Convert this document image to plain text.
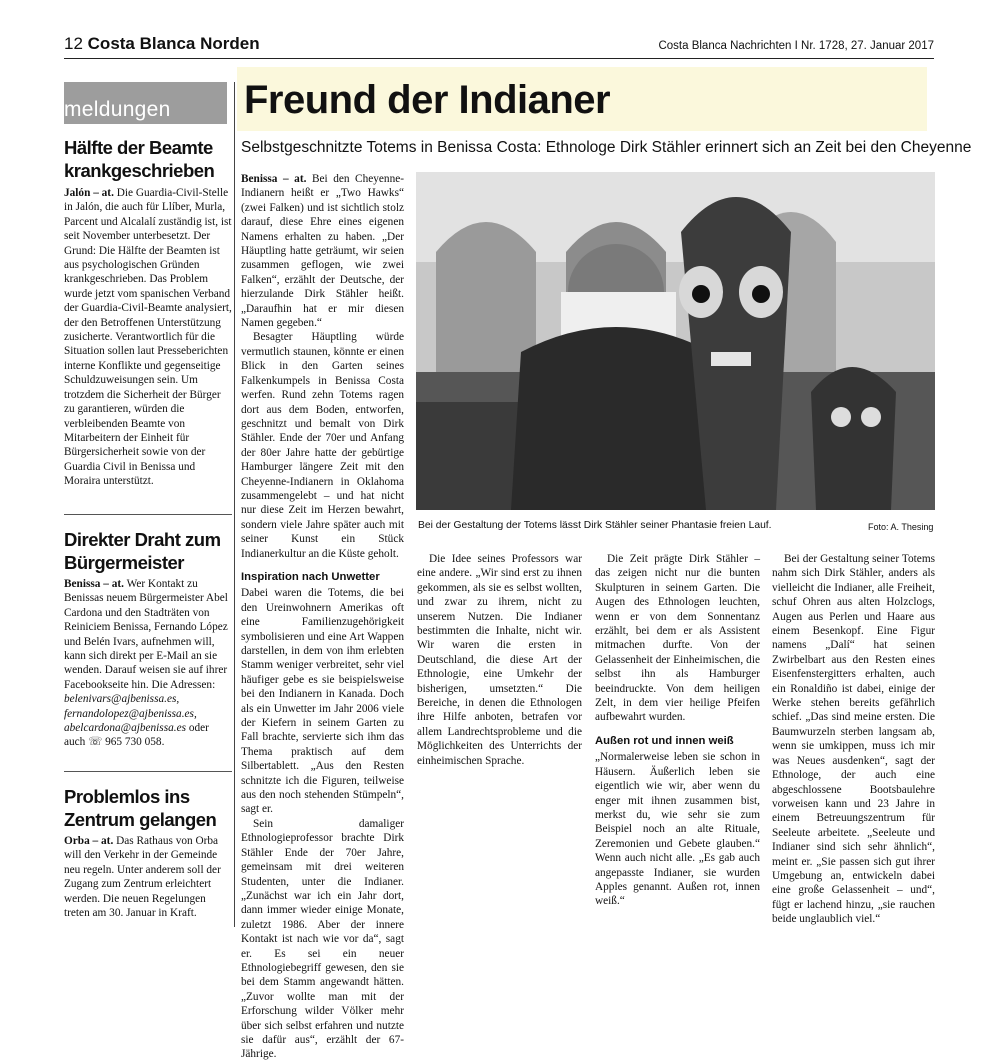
12 Costa Blanca Norden	Costa Blanca Nachrichten I Nr. 1728, 27. Januar 2017
meldungen
Hälfte der Beamte krankgeschrieben
Jalón – at. Die Guardia-Civil-Stelle in Jalón, die auch für Llíber, Murla, Parcent und Alcalalí zuständig ist, ist seit November unterbesetzt. Der Grund: Die Hälfte der Beamten ist aus psychologischen Gründen krankgeschrieben. Das Problem wurde jetzt vom spanischen Verband der Guardia-Civil-Beamte analysiert, der den Betroffenen Unterstützung zusicherte. Verantwortlich für die Situation sollen laut Presseberichten interne Konflikte und gegenseitige Schuldzuweisungen sein. Um trotzdem die Sicherheit der Bürger zu garantieren, würden die verbleibenden Beamte von Mitarbeitern der Einheit für Bürgersicherheit sowie von der Guardia Civil in Benissa und Moraira unterstützt.
Direkter Draht zum Bürgermeister
Benissa – at. Wer Kontakt zu Benissas neuem Bürgermeister Abel Cardona und den Stadträten von Reiniciem Benissa, Fernando López und Belén Ivars, aufnehmen will, kann sich direkt per E-Mail an sie wenden. Darauf weisen sie auf ihrer Facebookseite hin. Die Adressen: belenivars@ajbenissa.es, fernandolopez@ajbenissa.es, abelcardona@ajbenissa.es oder auch ☏ 965 730 058.
Problemlos ins Zentrum gelangen
Orba – at. Das Rathaus von Orba will den Verkehr in der Gemeinde neu regeln. Unter anderem soll der Zugang zum Zentrum erleichtert werden. Die neuen Regelungen treten am 30. Januar in Kraft.
Freund der Indianer
Selbstgeschnitzte Totems in Benissa Costa: Ethnologe Dirk Stähler erinnert sich an Zeit bei den Cheyenne
Bei der Gestaltung der Totems lässt Dirk Stähler seiner Phantasie freien Lauf.	Foto: A. Thesing

Benissa – at. Bei den Cheyenne-Indianern heißt er „Two Hawks“ (zwei Falken) und ist sichtlich stolz darauf, diese Ehre eines eigenen Namens erhalten zu haben. „Der Häuptling hatte geträumt, wir seien zusammen geflogen, wie zwei Falken“, erzählt der Deutsche, der hierzulande Dirk Stähler heißt. „Daraufhin hat er mir diesen Namen gegeben.“

Besagter Häuptling würde vermutlich staunen, könnte er einen Blick in den Garten seines Falkenkumpels in Benissa Costa werfen. Rund zehn Totems ragen dort aus dem Boden, entworfen, geschnitzt und bemalt von Dirk Stähler. Ende der 70er und Anfang der 80er Jahre hatte der gebürtige Hamburger längere Zeit mit den Cheyenne-Indianern in Oklahoma zusammengelebt – und hat nicht nur diese Zeit im Herzen bewahrt, sondern viele Jahre später auch mit seiner Kunst ein Stück Indianerkultur an die Küste geholt.

Inspiration nach Unwetter

Dabei waren die Totems, die bei den Ureinwohnern Amerikas oft eine Familienzugehörigkeit symbolisieren und eine Art Wappen darstellen, in dem von ihm erlebten Stamm weniger verbreitet, sehr viel häufiger gebe es sie beispielsweise bei den Indianern in Kanada. Doch als ein Unwetter im Jahr 2006 viele der Kiefern in seinem Garten zu Fall brachte, servierte sich ihm das Thema praktisch auf dem Silbertablett. „Aus den Resten schnitzte ich die Figuren, teilweise aus den noch stehenden Stümpeln“, sagt er.

Sein damaliger Ethnologieprofessor brachte Dirk Stähler Ende der 70er Jahre, gemeinsam mit drei weiteren Studenten, unter die Indianer. „Zunächst war ich ein Jahr dort, dann immer wieder einige Monate, zuletzt 1986. Aber der innere Kontakt ist nach wie vor da“, sagt er. Es sei ein neuer Ethnologiebegriff gewesen, den sie bei dem Stamm angewandt hätten. „Zuvor wollte man mit der Erforschung wilder Völker mehr über sich selbst erfahren und nutzte sie dafür aus“, erzählt der 67-Jährige.

Die Idee seines Professors war eine andere. „Wir sind erst zu ihnen gekommen, als sie es selbst wollten, und zwar zu ihrem, nicht zu unserem Nutzen. Die Indianer bestimmten die Inhalte, nicht wir. Wir waren die ersten in Deutschland, die diese Art der Ethnologie, eine Umkehr der bisherigen, umsetzten.“ Die Bereiche, in denen die Ethnologen ihre Hilfe anboten, betrafen vor allem Landrechtsprobleme und die Möglichkeiten des Unterrichts der einheimischen Sprache.

Die Zeit prägte Dirk Stähler – das zeigen nicht nur die bunten Skulpturen in seinem Garten. Die Augen des Ethnologen leuchten, wenn er von dem Sonnentanz erzählt, bei dem er als Assistent mitmachen durfte. Von der Gelassenheit der Einheimischen, die selbst ihn als Hamburger beeindruckte. Von dem heiligen Zelt, in dem vier heilige Pfeifen aufbewahrt wurden.

Außen rot und innen weiß

„Normalerweise leben sie schon in Häusern. Äußerlich leben sie eigentlich wie wir, aber wenn du enger mit ihnen zusammen bist, merkst du, wie sehr sie zum Beispiel noch an alte Rituale, Zeremonien und Gebete glauben.“ Wenn auch nicht alle. „Es gab auch angepasste Indianer, sie wurden Apples genannt. Außen rot, innen weiß.“

Bei der Gestaltung seiner Totems nahm sich Dirk Stähler, anders als vielleicht die Indianer, alle Freiheit, schuf Ohren aus alten Holzclogs, Augen aus Perlen und Haare aus einem Besenkopf. Eine Figur namens „Dalí“ hat seinen Zwirbelbart aus den Resten eines Eisenfenstergitters erhalten, auch ein Ronaldiño ist dabei, einige der Werke stehen bereits gefährlich schief. „Das sind meine ersten. Die Baumwurzeln sterben langsam ab, wenn sie umkippen, muss ich mir was Neues ausdenken“, sagt der Ethnologe, der auch eine abgeschlossene Bootsbaulehre vorweisen kann und 23 Jahre in einem Betreuungszentrum für Seeleute arbeitete. „Seeleute und Indianer sind sich sehr ähnlich“, meint er. „Sie passen sich gut ihrer Umgebung an, entwickeln dabei eine große Gelassenheit – und“, fügt er lachend hinzu, „sie rauchen beide unglaublich viel.“
